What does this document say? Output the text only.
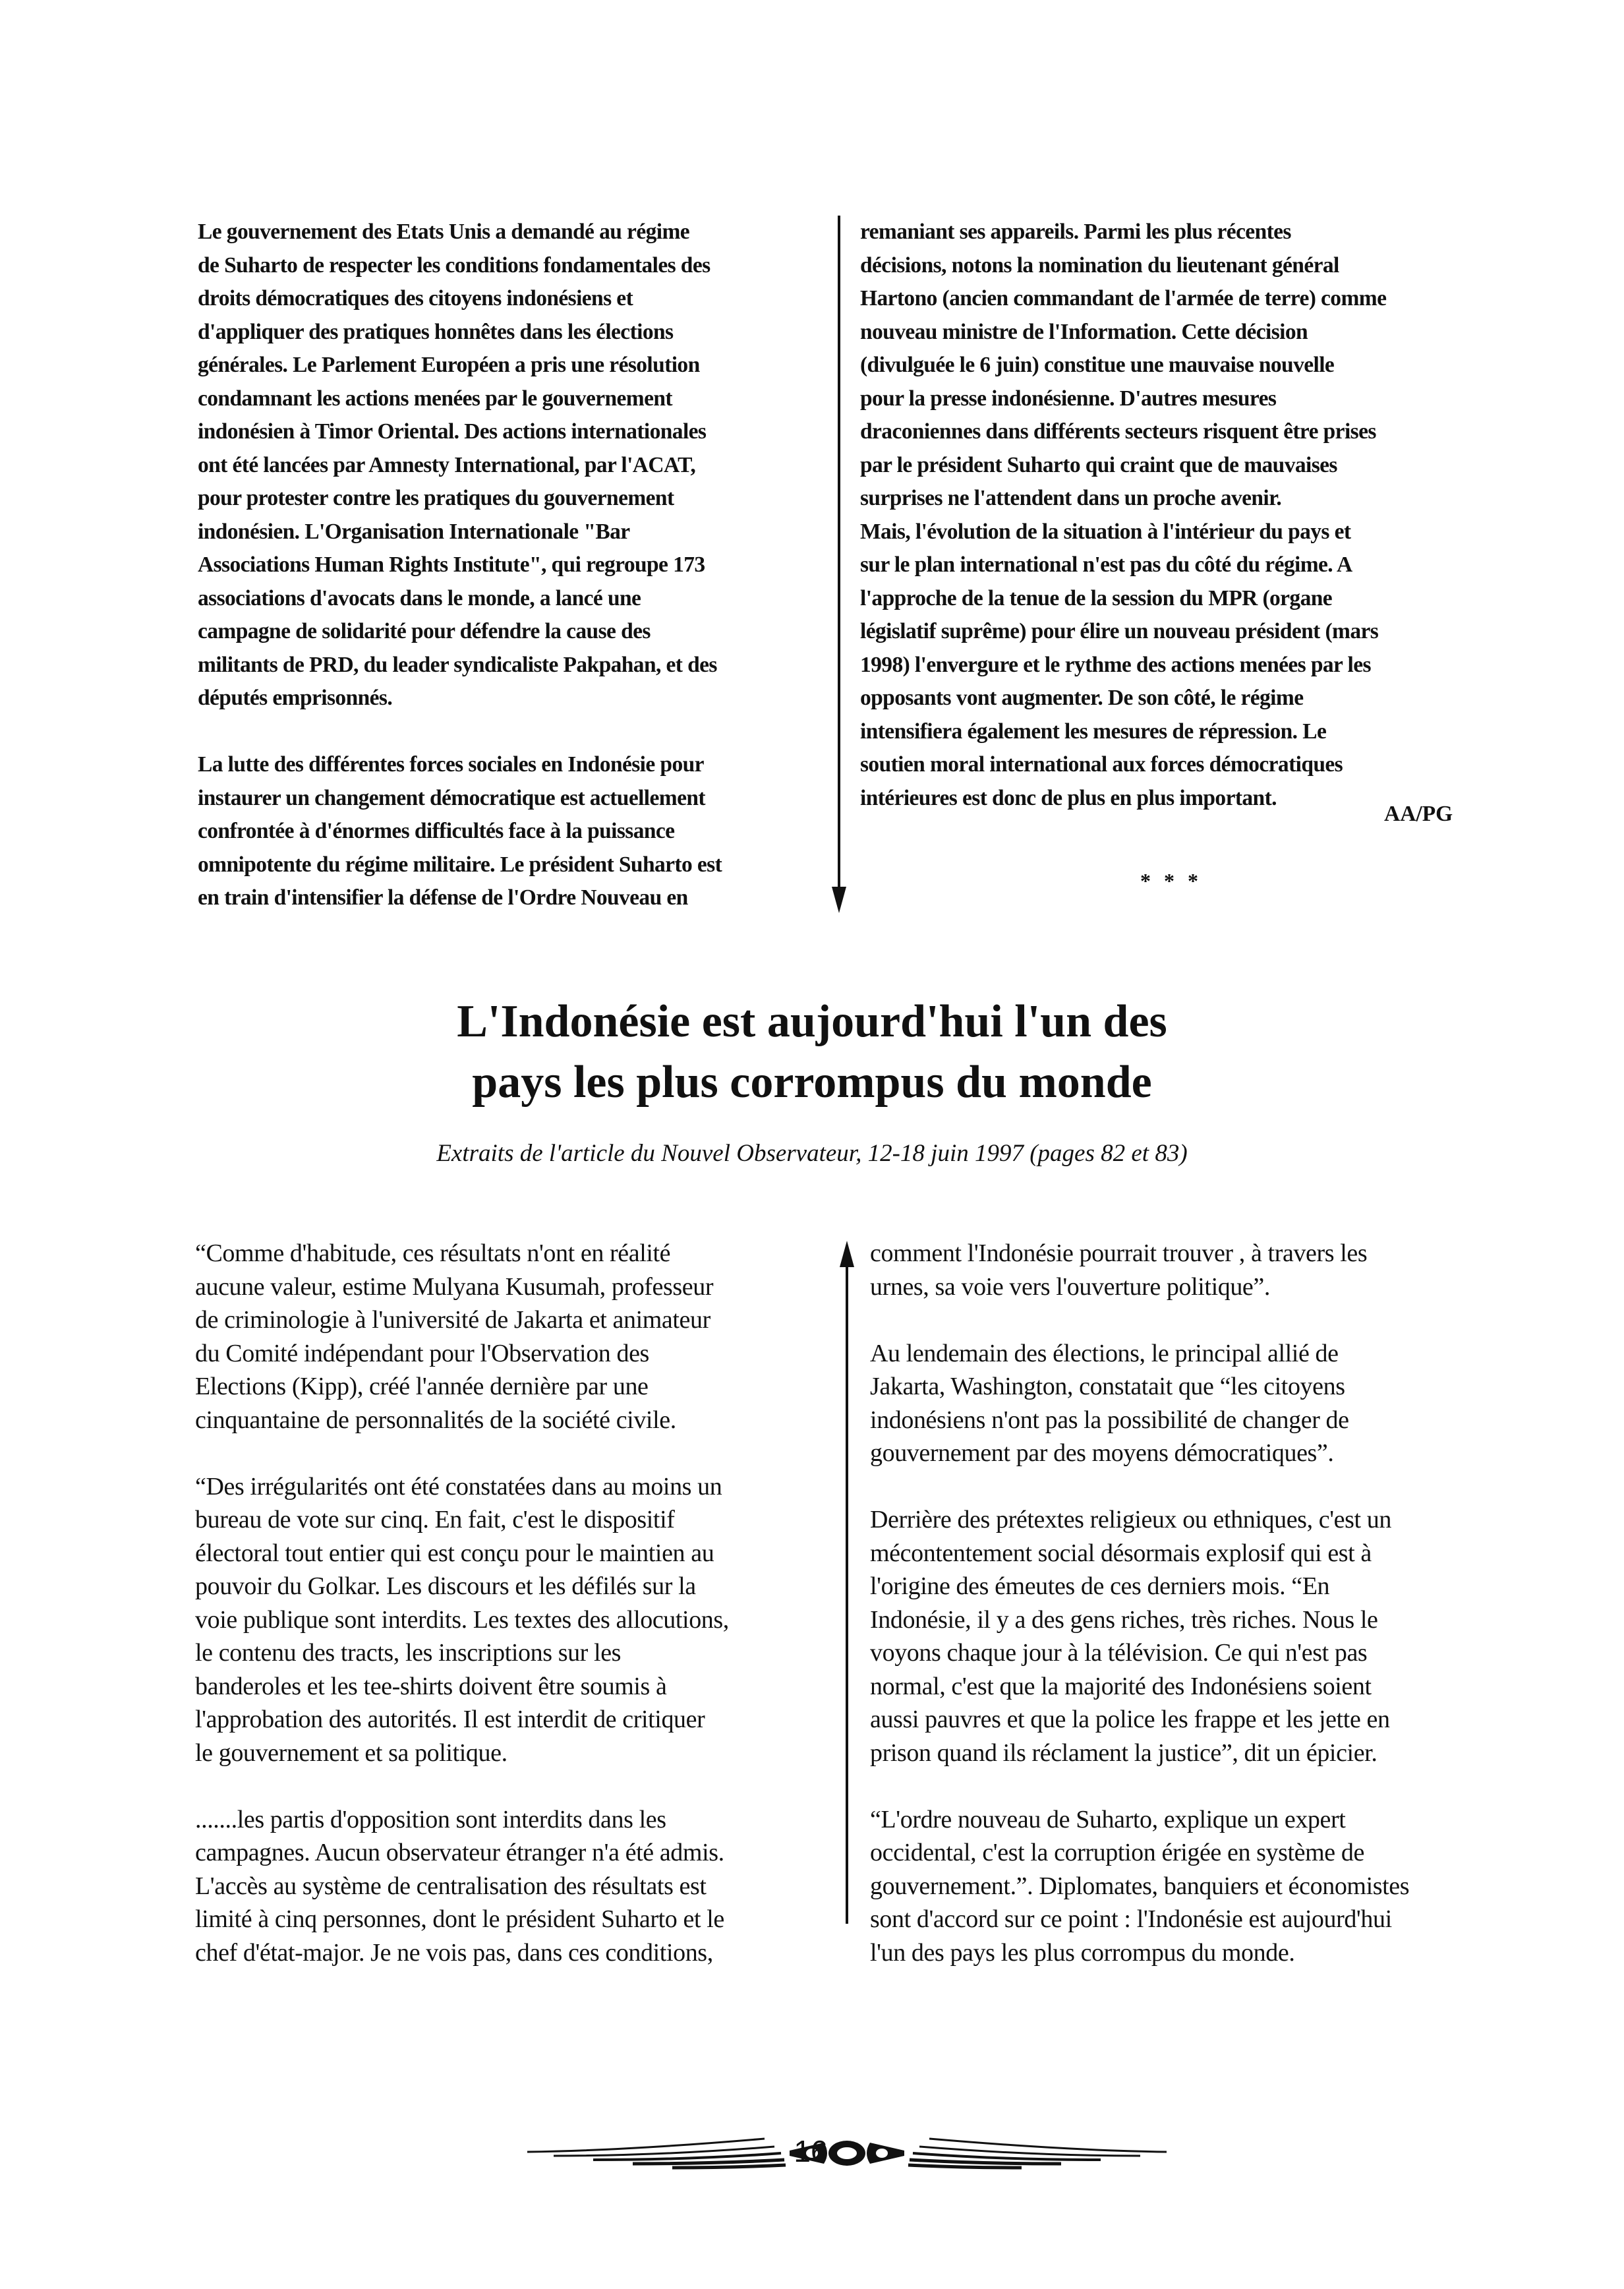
Le gouvernement des Etats Unis a demandé au régime
de Suharto de respecter les conditions fondamentales des
droits démocratiques des citoyens indonésiens et
d'appliquer des pratiques honnêtes dans les élections
générales. Le Parlement Européen a pris une résolution
condamnant les actions menées par le gouvernement
indonésien à Timor Oriental. Des actions internationales
ont été lancées par Amnesty International, par l'ACAT,
pour protester contre les pratiques du gouvernement
indonésien. L'Organisation Internationale "Bar
Associations Human Rights Institute", qui regroupe 173
associations d'avocats dans le monde, a lancé une
campagne de solidarité pour défendre la cause des
militants de PRD, du leader syndicaliste Pakpahan, et des
députés emprisonnés.

La lutte des différentes forces sociales en Indonésie pour
instaurer un changement démocratique est actuellement
confrontée à d'énormes difficultés face à la puissance
omnipotente du régime militaire. Le président Suharto est
en train d'intensifier la défense de l'Ordre Nouveau en
remaniant ses appareils. Parmi les plus récentes
décisions, notons la nomination du lieutenant général
Hartono (ancien commandant de l'armée de terre) comme
nouveau ministre de l'Information. Cette décision
(divulguée le 6 juin) constitue une mauvaise nouvelle
pour la presse indonésienne. D'autres mesures
draconiennes dans différents secteurs risquent être prises
par le président Suharto qui craint que de mauvaises
surprises ne l'attendent dans un proche avenir.
Mais, l'évolution de la situation à l'intérieur du pays et
sur le plan international n'est pas du côté du régime. A
l'approche de la tenue de la session du MPR (organe
législatif suprême) pour élire un nouveau président (mars
1998) l'envergure et le rythme des actions menées par les
opposants vont augmenter. De son côté, le régime
intensifiera également les mesures de répression. Le
soutien moral international aux forces démocratiques
intérieures est donc de plus en plus important.
AA/PG
* * *
L'Indonésie est aujourd'hui l'un des
pays les plus corrompus du monde
Extraits de l'article du Nouvel Observateur, 12-18 juin 1997 (pages 82 et 83)
“Comme d'habitude, ces résultats n'ont en réalité
aucune valeur, estime Mulyana Kusumah, professeur
de criminologie à l'université de Jakarta et animateur
du Comité indépendant pour l'Observation des
Elections (Kipp), créé l'année dernière par une
cinquantaine de personnalités de la société civile.

“Des irrégularités ont été constatées dans au moins un
bureau de vote sur cinq. En fait, c'est le dispositif
électoral tout entier qui est conçu pour le maintien au
pouvoir du Golkar. Les discours et les défilés sur la
voie publique sont interdits. Les textes des allocutions,
le contenu des tracts, les inscriptions sur les
banderoles et les tee-shirts doivent être soumis à
l'approbation des autorités. Il est interdit de critiquer
le gouvernement et sa politique.

.......les partis d'opposition sont interdits dans les
campagnes. Aucun observateur étranger n'a été admis.
L'accès au système de centralisation des résultats est
limité à cinq personnes, dont le président Suharto et le
chef d'état-major. Je ne vois pas, dans ces conditions,
comment l'Indonésie pourrait trouver , à travers les
urnes, sa voie vers l'ouverture politique”.

Au lendemain des élections, le principal allié de
Jakarta, Washington, constatait que “les citoyens
indonésiens n'ont pas la possibilité de changer de
gouvernement par des moyens démocratiques”.

Derrière des prétextes religieux ou ethniques, c'est un
mécontentement social désormais explosif qui est à
l'origine des émeutes de ces derniers mois. “En
Indonésie, il y a des gens riches, très riches. Nous le
voyons chaque jour à la télévision. Ce qui n'est pas
normal, c'est que la majorité des Indonésiens soient
aussi pauvres et que la police les frappe et les jette en
prison quand ils réclament la justice”, dit un épicier.

“L'ordre nouveau de Suharto, explique un expert
occidental, c'est la corruption érigée en système de
gouvernement.”. Diplomates, banquiers et économistes
sont d'accord sur ce point : l'Indonésie est aujourd'hui
l'un des pays les plus corrompus du monde.
16
